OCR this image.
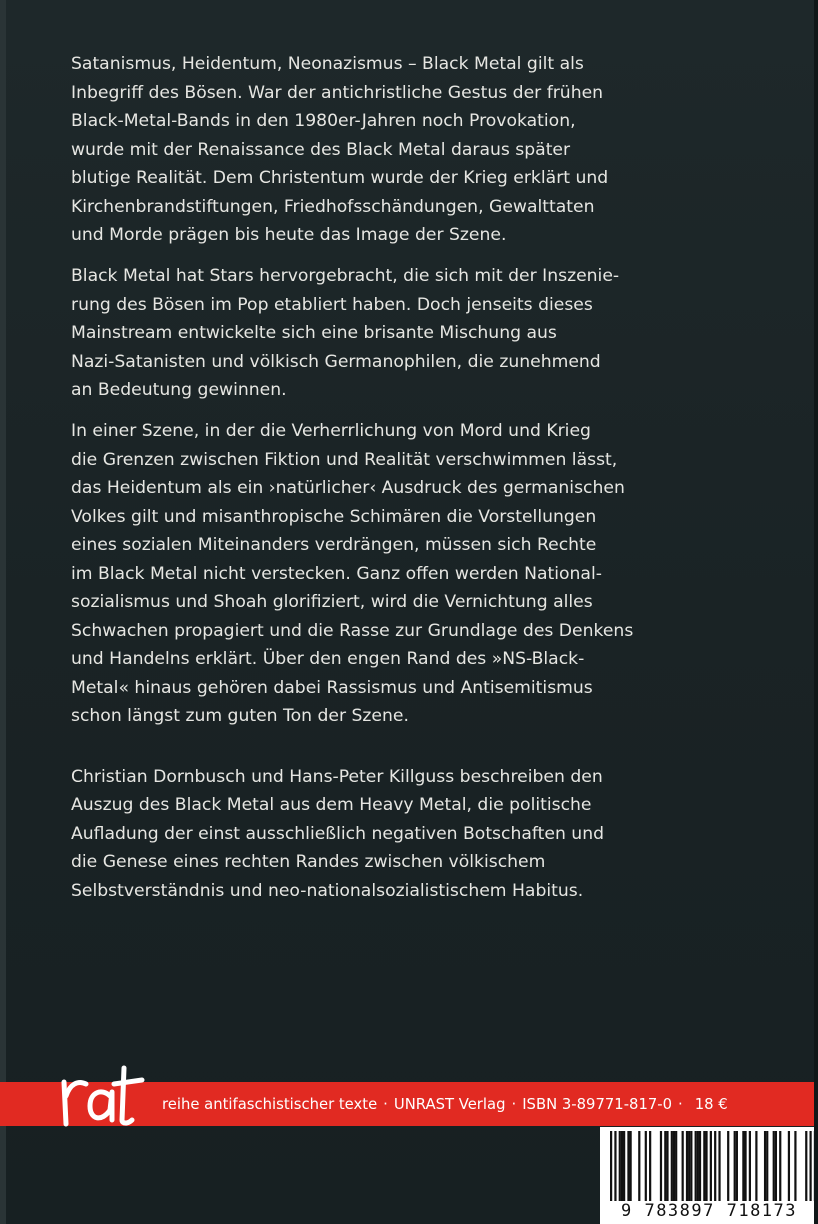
Satanismus, Heidentum, Neonazismus – Black Metal gilt als
Inbegriff des Bösen. War der antichristliche Gestus der frühen
Black-Metal-Bands in den 1980er-Jahren noch Provokation,
wurde mit der Renaissance des Black Metal daraus später
blutige Realität. Dem Christentum wurde der Krieg erklärt und
Kirchenbrandstiftungen, Friedhofsschändungen, Gewalttaten
und Morde prägen bis heute das Image der Szene.

Black Metal hat Stars hervorgebracht, die sich mit der Inszenie-
rung des Bösen im Pop etabliert haben. Doch jenseits dieses
Mainstream entwickelte sich eine brisante Mischung aus
Nazi-Satanisten und völkisch Germanophilen, die zunehmend
an Bedeutung gewinnen.

In einer Szene, in der die Verherrlichung von Mord und Krieg
die Grenzen zwischen Fiktion und Realität verschwimmen lässt,
das Heidentum als ein ›natürlicher‹ Ausdruck des germanischen
Volkes gilt und misanthropische Schimären die Vorstellungen
eines sozialen Miteinanders verdrängen, müssen sich Rechte
im Black Metal nicht verstecken. Ganz offen werden National-
sozialismus und Shoah glorifiziert, wird die Vernichtung alles
Schwachen propagiert und die Rasse zur Grundlage des Denkens
und Handelns erklärt. Über den engen Rand des »NS-Black-
Metal« hinaus gehören dabei Rassismus und Antisemitismus
schon längst zum guten Ton der Szene.

Christian Dornbusch und Hans-Peter Killguss beschreiben den
Auszug des Black Metal aus dem Heavy Metal, die politische
Aufladung der einst ausschließlich negativen Botschaften und
die Genese eines rechten Randes zwischen völkischem
Selbstverständnis und neo-nationalsozialistischem Habitus.

rat
reihe antifaschistischer texte · UNRAST Verlag · ISBN 3-89771-817-0 · 18 €
9 783897 718173
